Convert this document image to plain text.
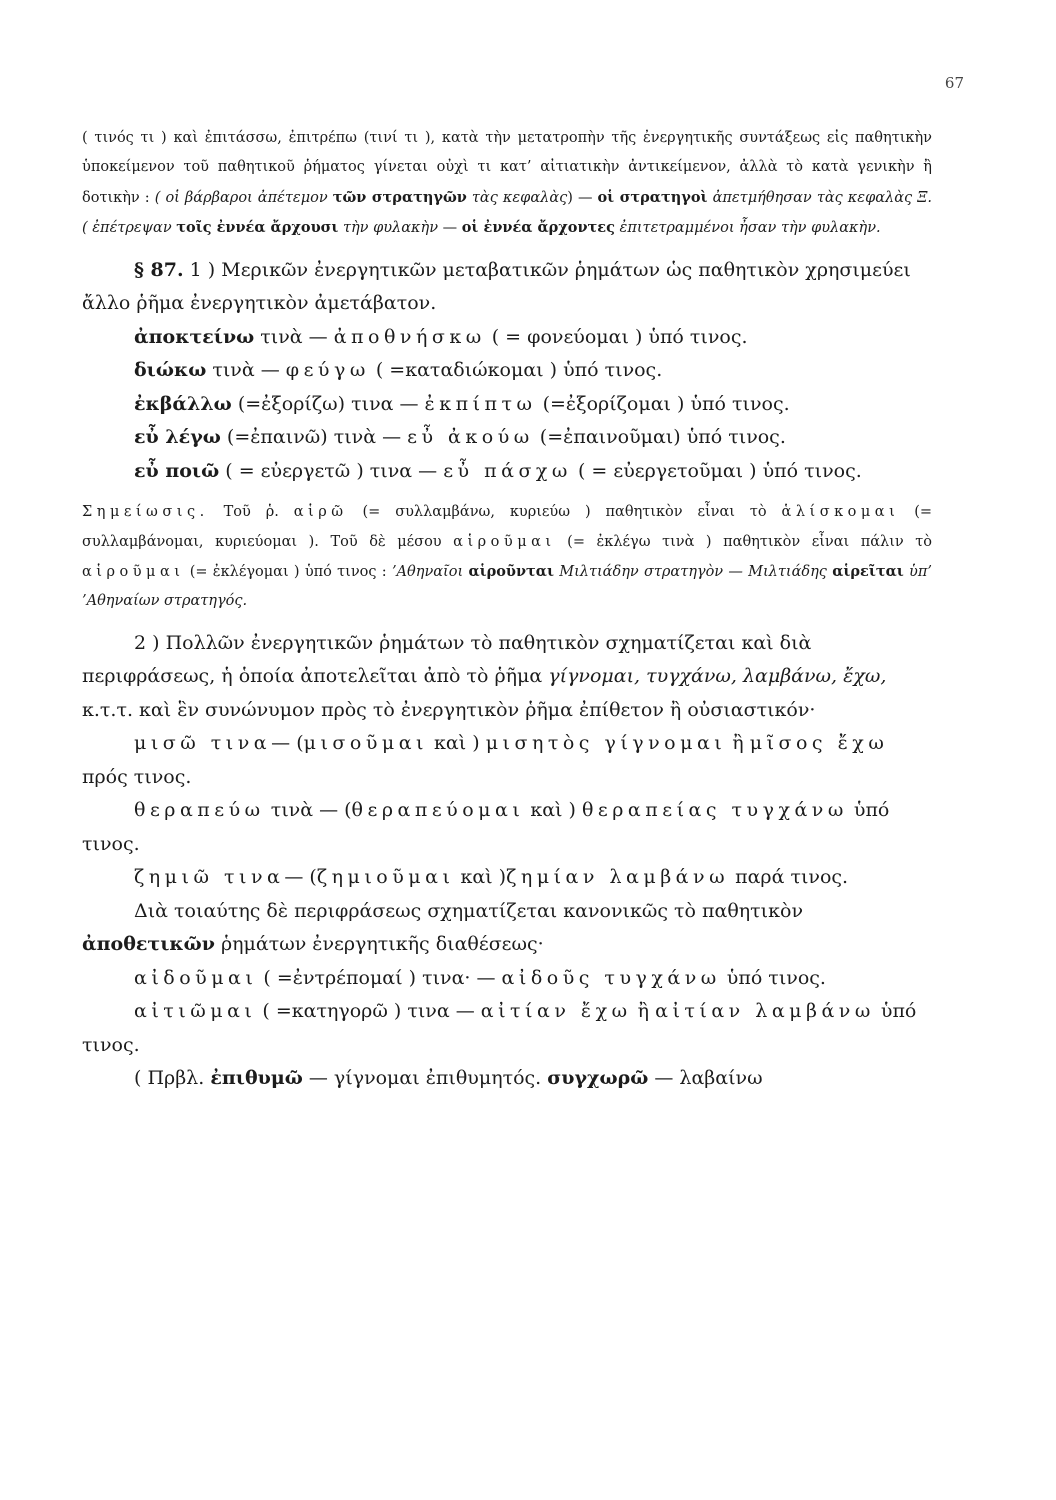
67

( τινός τι ) καὶ ἐπιτάσσω, ἐπιτρέπω (τινί τι ), κατὰ τὴν μετατροπὴν τῆς ἐνεργητικῆς συντάξεως εἰς παθητικὴν ὑποκείμενον τοῦ παθητικοῦ ῥήματος γίνεται οὐχὶ τι κατ’ αἰτιατικὴν ἀντικείμενον, ἀλλὰ τὸ κατὰ γενικὴν ἢ δοτικὴν : ( οἱ βάρβαροι ἀπέτεμον τῶν στρατηγῶν τὰς κεφαλὰς) — οἱ στρατηγοὶ ἀπετμήθησαν τὰς κεφαλὰς Ξ. ( ἐπέτρεψαν τοῖς ἐννέα ἄρχουσι τὴν φυλακὴν — οἱ ἐννέα ἄρχοντες ἐπιτετραμμένοι ἦσαν τὴν φυλακὴν.

§ 87. 1 ) Μερικῶν ἐνεργητικῶν μεταβατικῶν ῥημάτων ὡς παθητικὸν χρησιμεύει ἄλλο ῥῆμα ἐνεργητικὸν ἀμετάβατον.

ἀποκτείνω τινὰ — ἀποθνήσκω ( = φονεύομαι ) ὑπό τινος.

διώκω τινὰ — φεύγω ( =καταδιώκομαι ) ὑπό τινος.

ἐκβάλλω (=ἐξορίζω) τινα — ἐκπίπτω (=ἐξορίζομαι ) ὑπό τινος.

εὖ λέγω (=ἐπαινῶ) τινὰ — εὖ ἀκούω (=ἐπαινοῦμαι) ὑπό τινος.

εὖ ποιῶ ( = εὐεργετῶ ) τινα — εὖ πάσχω ( = εὐεργετοῦμαι ) ὑπό τινος.

Σημείωσις. Τοῦ ῥ. αἱρῶ (= συλλαμβάνω, κυριεύω ) παθητικὸν εἶναι τὸ ἁλίσκομαι (= συλλαμβάνομαι, κυριεύομαι ). Τοῦ δὲ μέσου αἱροῦμαι (= ἐκλέγω τινὰ ) παθητικὸν εἶναι πάλιν τὸ αἱροῦμαι (= ἐκλέγομαι ) ὑπό τινος : ’Αθηναῖοι αἱροῦνται Μιλτιάδην στρατηγὸν — Μιλτιάδης αἱρεῖται ὑπ’ ’Αθηναίων στρατηγός.

2 ) Πολλῶν ἐνεργητικῶν ῥημάτων τὸ παθητικὸν σχηματίζεται καὶ διὰ περιφράσεως, ἡ ὁποία ἀποτελεῖται ἀπὸ τὸ ῥῆμα γίγνομαι, τυγχάνω, λαμβάνω, ἔχω, κ.τ.τ. καὶ ἓν συνώνυμον πρὸς τὸ ἐνεργητικὸν ῥῆμα ἐπίθετον ἢ οὐσιαστικόν·

μισῶ τινα— (μισοῦμαι καὶ ) μισητὸς γίγνομαι ἢ μῖσος ἔχω πρός τινος.

θεραπεύω τινὰ — (θεραπεύομαι καὶ ) θεραπείας τυγχάνω ὑπό τινος.

ζημιῶ τινα— (ζημιοῦμαι καὶ )ζημίαν λαμβάνω παρά τινος.

Διὰ τοιαύτης δὲ περιφράσεως σχηματίζεται κανονικῶς τὸ παθητικὸν ἀποθετικῶν ῥημάτων ἐνεργητικῆς διαθέσεως·

αἰδοῦμαι ( =ἐντρέπομαί ) τινα· — αἰδοῦς τυγχάνω ὑπό τινος.

αἰτιῶμαι ( =κατηγορῶ ) τινα — αἰτίαν ἔχω ἢ αἰτίαν λαμβάνω ὑπό τινος.

( Πρβλ. ἐπιθυμῶ — γίγνομαι ἐπιθυμητός. συγχωρῶ — λαβαίνω
